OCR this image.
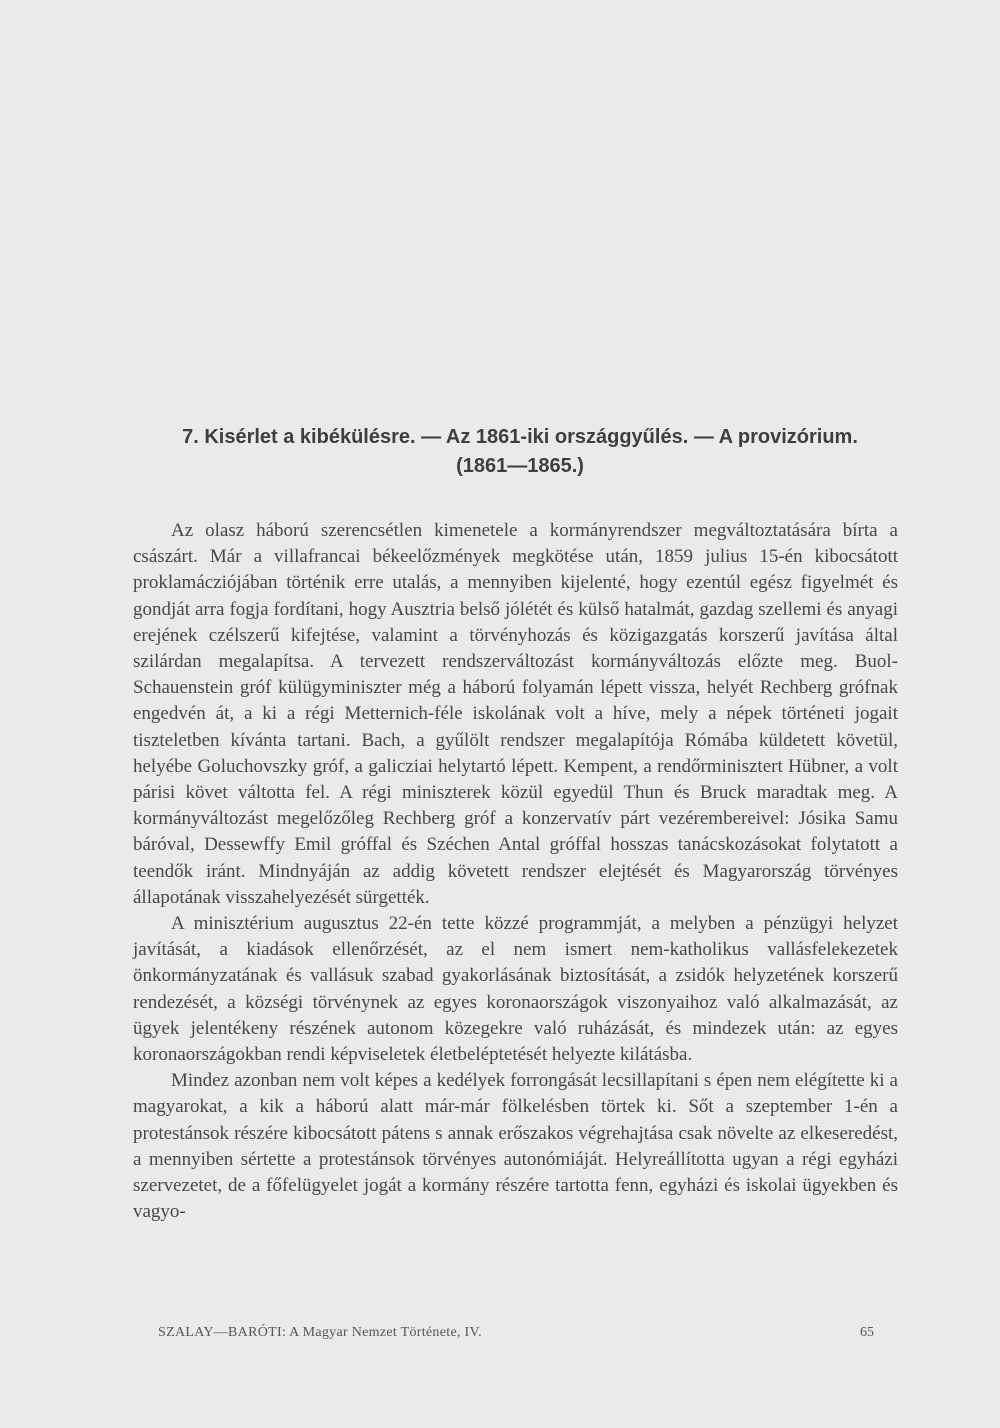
7. Kisérlet a kibékülésre. — Az 1861-iki országgyűlés. — A provizórium.
(1861—1865.)

Az olasz háború szerencsétlen kimenetele a kormányrendszer megváltoztatására bírta a császárt. Már a villafrancai békeelőzmények megkötése után, 1859 julius 15-én kibocsátott proklamácziójában történik erre utalás, a mennyiben kijelenté, hogy ezentúl egész figyelmét és gondját arra fogja fordítani, hogy Ausztria belső jólétét és külső hatalmát, gazdag szellemi és anyagi erejének czélszerű kifejtése, valamint a törvényhozás és közigazgatás korszerű javítása által szilárdan megalapítsa. A tervezett rendszerváltozást kormányváltozás előzte meg. Buol-Schauenstein gróf külügyminiszter még a háború folyamán lépett vissza, helyét Rechberg grófnak engedvén át, a ki a régi Metternich-féle iskolának volt a híve, mely a népek történeti jogait tiszteletben kívánta tartani. Bach, a gyűlölt rendszer megalapítója Rómába küldetett követül, helyébe Goluchovszky gróf, a galicziai helytartó lépett. Kempent, a rendőrminisztert Hübner, a volt párisi követ váltotta fel. A régi miniszterek közül egyedül Thun és Bruck maradtak meg. A kormányváltozást megelőzőleg Rechberg gróf a konzervatív párt vezérembereivel: Jósika Samu báróval, Dessewffy Emil gróffal és Széchen Antal gróffal hosszas tanácskozásokat folytatott a teendők iránt. Mindnyáján az addig követett rendszer elejtését és Magyarország törvényes állapotának visszahelyezését sürgették.

A minisztérium augusztus 22-én tette közzé programmját, a melyben a pénzügyi helyzet javítását, a kiadások ellenőrzését, az el nem ismert nem-katholikus vallásfelekezetek önkormányzatának és vallásuk szabad gyakorlásának biztosítását, a zsidók helyzetének korszerű rendezését, a községi törvénynek az egyes koronaországok viszonyaihoz való alkalmazását, az ügyek jelentékeny részének autonom közegekre való ruházását, és mindezek után: az egyes koronaországokban rendi képviseletek életbeléptetését helyezte kilátásba.

Mindez azonban nem volt képes a kedélyek forrongását lecsillapítani s épen nem elégítette ki a magyarokat, a kik a háború alatt már-már fölkelésben törtek ki. Sőt a szeptember 1-én a protestánsok részére kibocsátott pátens s annak erőszakos végrehajtása csak növelte az elkeseredést, a mennyiben sértette a protestánsok törvényes autonómiáját. Helyreállította ugyan a régi egyházi szervezetet, de a főfelügyelet jogát a kormány részére tartotta fenn, egyházi és iskolai ügyekben és vagyo-

SZALAY—BARÓTI: A Magyar Nemzet Története, IV.	65
